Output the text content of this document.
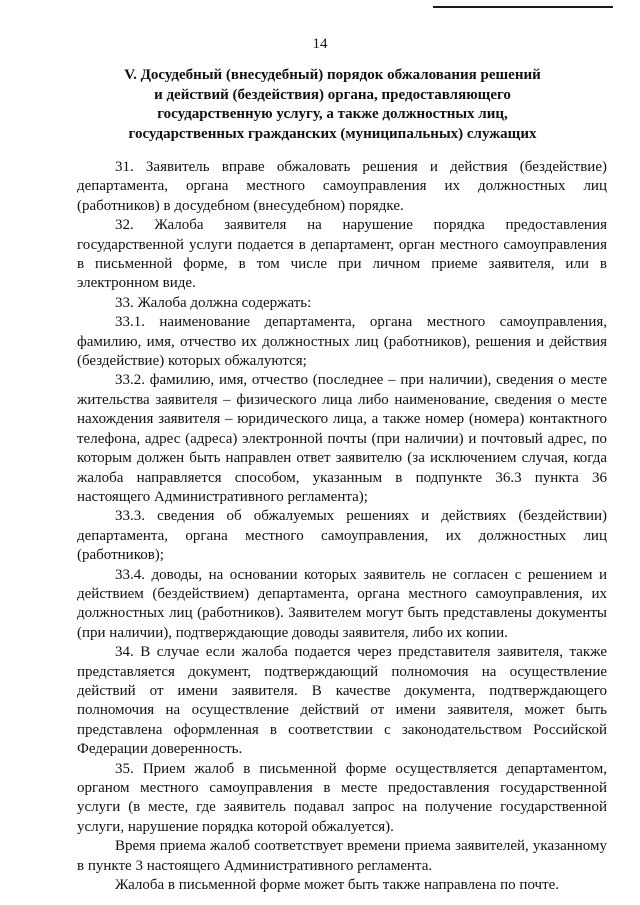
14
V. Досудебный (внесудебный) порядок обжалования решений
и действий (бездействия) органа, предоставляющего
государственную услугу, а также должностных лиц,
государственных гражданских (муниципальных) служащих

31. Заявитель вправе обжаловать решения и действия (бездействие) департамента, органа местного самоуправления их должностных лиц (работников) в досудебном (внесудебном) порядке.

32. Жалоба заявителя на нарушение порядка предоставления государственной услуги подается в департамент, орган местного самоуправления в письменной форме, в том числе при личном приеме заявителя, или в электронном виде.

33. Жалоба должна содержать:

33.1. наименование департамента, органа местного самоуправления, фамилию, имя, отчество их должностных лиц (работников), решения и действия (бездействие) которых обжалуются;

33.2. фамилию, имя, отчество (последнее – при наличии), сведения о месте жительства заявителя – физического лица либо наименование, сведения о месте нахождения заявителя – юридического лица, а также номер (номера) контактного телефона, адрес (адреса) электронной почты (при наличии) и почтовый адрес, по которым должен быть направлен ответ заявителю (за исключением случая, когда жалоба направляется способом, указанным в подпункте 36.3 пункта 36 настоящего Административного регламента);

33.3. сведения об обжалуемых решениях и действиях (бездействии) департамента, органа местного самоуправления, их должностных лиц (работников);

33.4. доводы, на основании которых заявитель не согласен с решением и действием (бездействием) департамента, органа местного самоуправления, их должностных лиц (работников). Заявителем могут быть представлены документы (при наличии), подтверждающие доводы заявителя, либо их копии.

34. В случае если жалоба подается через представителя заявителя, также представляется документ, подтверждающий полномочия на осуществление действий от имени заявителя. В качестве документа, подтверждающего полномочия на осуществление действий от имени заявителя, может быть представлена оформленная в соответствии с законодательством Российской Федерации доверенность.

35. Прием жалоб в письменной форме осуществляется департаментом, органом местного самоуправления в месте предоставления государственной услуги (в месте, где заявитель подавал запрос на получение государственной услуги, нарушение порядка которой обжалуется).

Время приема жалоб соответствует времени приема заявителей, указанному в пункте 3 настоящего Административного регламента.

Жалоба в письменной форме может быть также направлена по почте.
